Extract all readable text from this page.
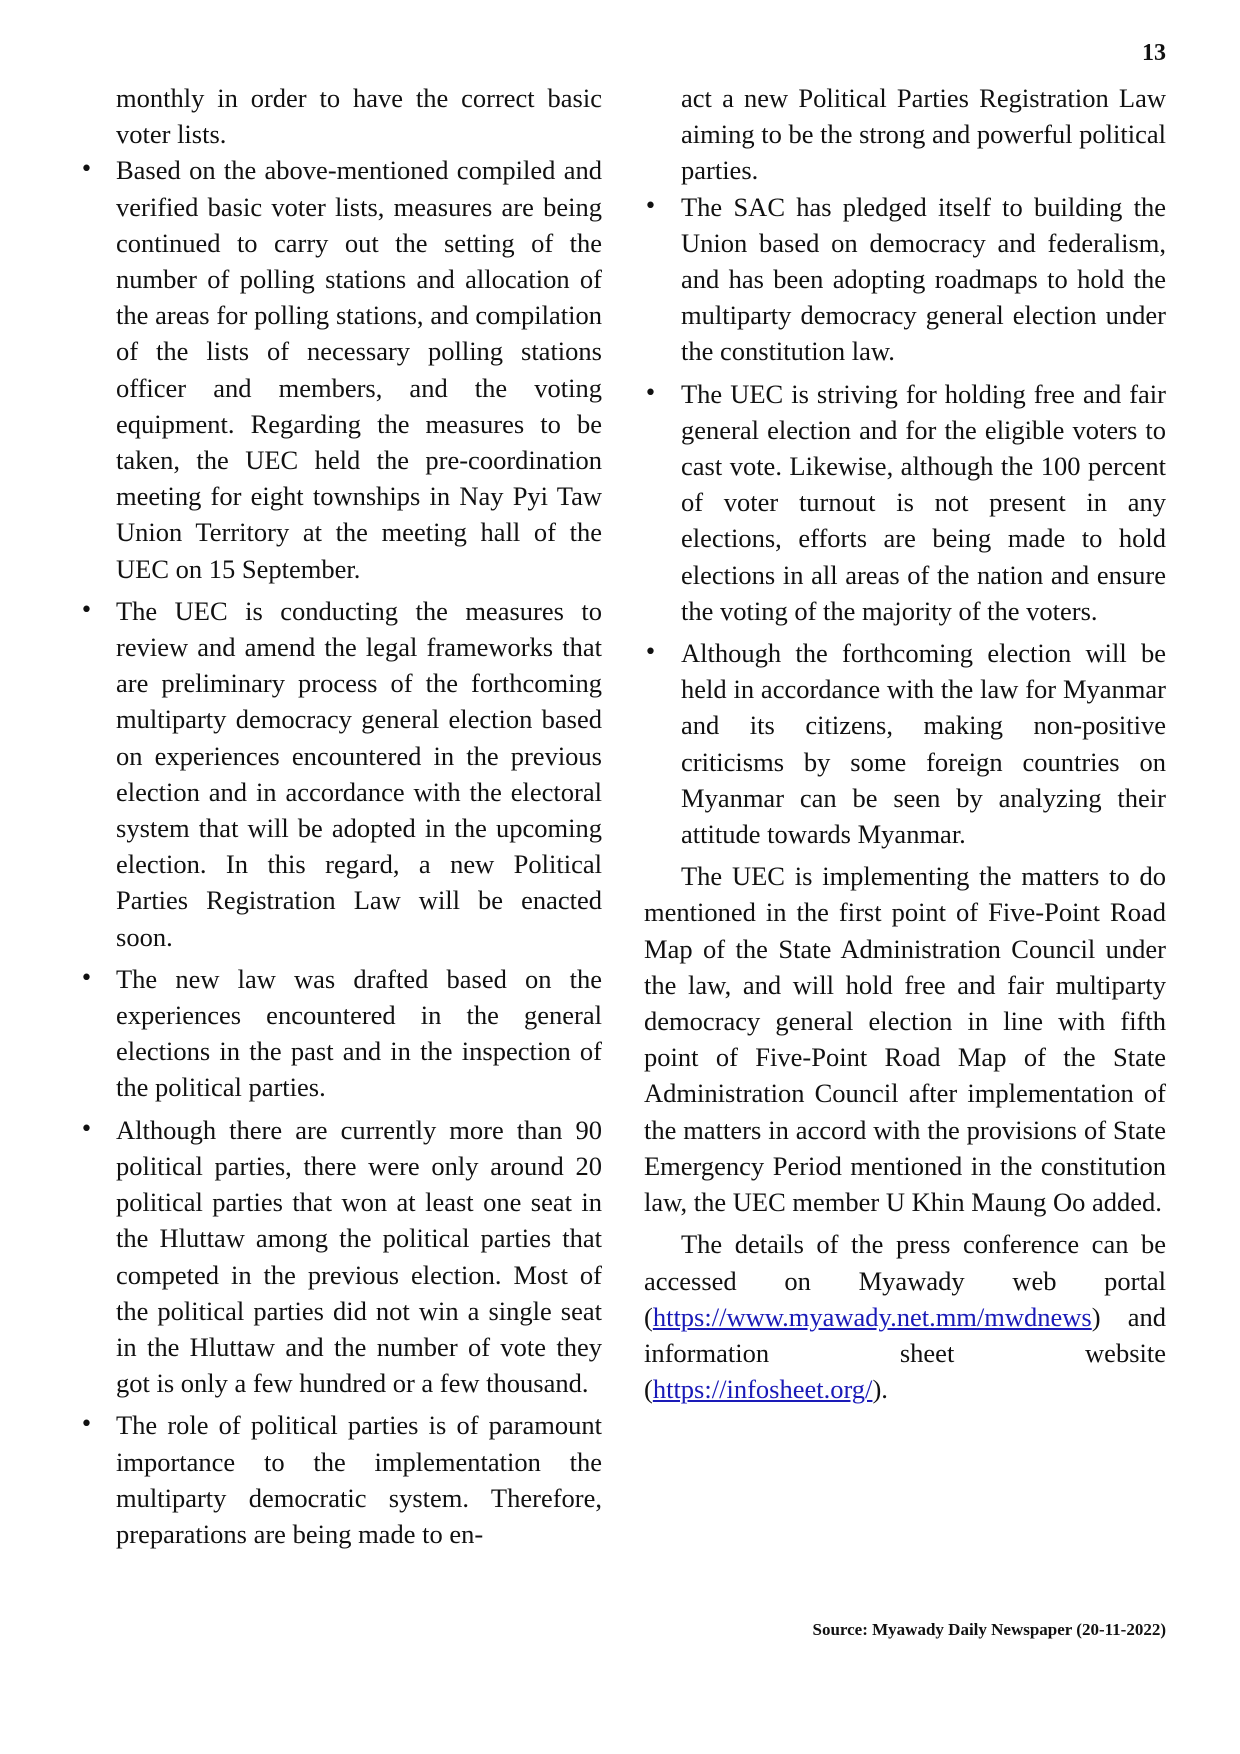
13

monthly in order to have the correct basic voter lists.

• Based on the above-mentioned compiled and verified basic voter lists, measures are being continued to carry out the setting of the number of polling stations and allocation of the areas for polling stations, and compilation of the lists of necessary polling stations officer and members, and the voting equipment. Regarding the measures to be taken, the UEC held the pre-coordination meeting for eight townships in Nay Pyi Taw Union Territory at the meeting hall of the UEC on 15 September.
• The UEC is conducting the measures to review and amend the legal frameworks that are preliminary process of the forthcoming multiparty democracy general election based on experiences encountered in the previous election and in accordance with the electoral system that will be adopted in the upcoming election. In this regard, a new Political Parties Registration Law will be enacted soon.
• The new law was drafted based on the experiences encountered in the general elections in the past and in the inspection of the political parties.
• Although there are currently more than 90 political parties, there were only around 20 political parties that won at least one seat in the Hluttaw among the political parties that competed in the previous election. Most of the political parties did not win a single seat in the Hluttaw and the number of vote they got is only a few hundred or a few thousand.
• The role of political parties is of paramount importance to the implementation the multiparty democratic system. Therefore, preparations are being made to en-

act a new Political Parties Registration Law aiming to be the strong and powerful political parties.

• The SAC has pledged itself to building the Union based on democracy and federalism, and has been adopting roadmaps to hold the multiparty democracy general election under the constitution law.
• The UEC is striving for holding free and fair general election and for the eligible voters to cast vote. Likewise, although the 100 percent of voter turnout is not present in any elections, efforts are being made to hold elections in all areas of the nation and ensure the voting of the majority of the voters.
• Although the forthcoming election will be held in accordance with the law for Myanmar and its citizens, making non-positive criticisms by some foreign countries on Myanmar can be seen by analyzing their attitude towards Myanmar.

The UEC is implementing the matters to do mentioned in the first point of Five-Point Road Map of the State Administration Council under the law, and will hold free and fair multiparty democracy general election in line with fifth point of Five-Point Road Map of the State Administration Council after implementation of the matters in accord with the provisions of State Emergency Period mentioned in the constitution law, the UEC member U Khin Maung Oo added.

The details of the press conference can be accessed on Myawady web portal (https://www.myawady.net.mm/mwdnews) and information sheet website (https://infosheet.org/).

Source: Myawady Daily Newspaper (20-11-2022)
